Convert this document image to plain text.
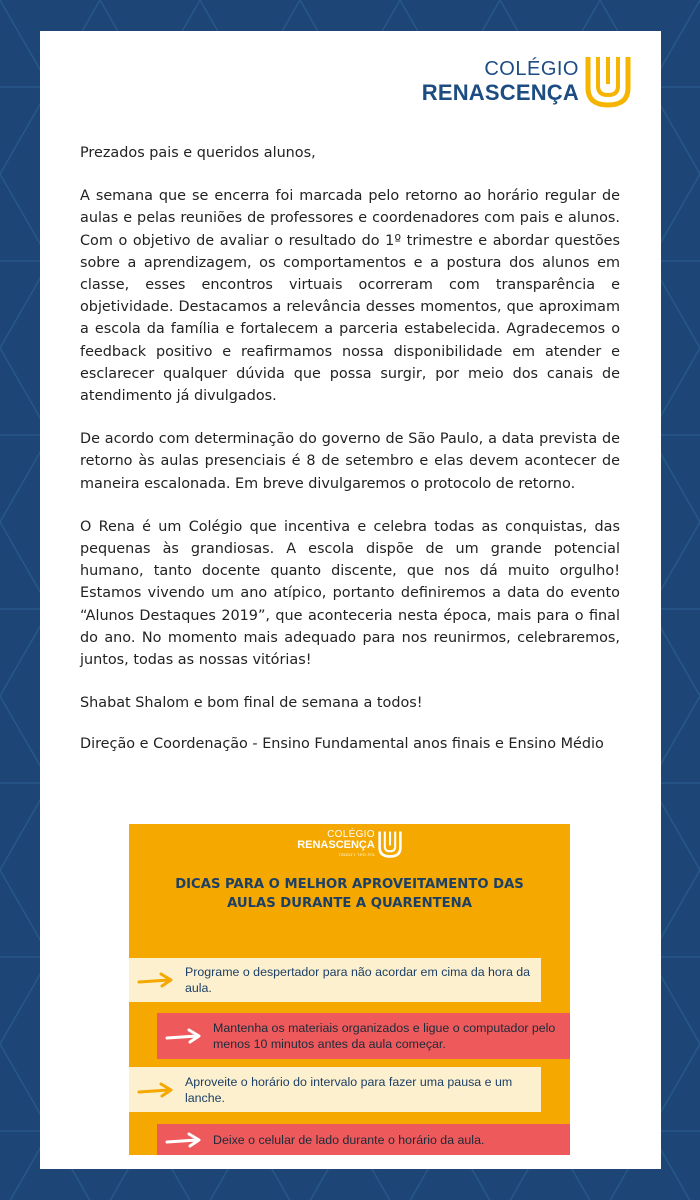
COLÉGIO
RENASCENÇA

Prezados pais e queridos alunos,

A semana que se encerra foi marcada pelo retorno ao horário regular de aulas e pelas reuniões de professores e coordenadores com pais e alunos. Com o objetivo de avaliar o resultado do 1º trimestre e abordar questões sobre a aprendizagem, os comportamentos e a postura dos alunos em classe, esses encontros virtuais ocorreram com transparência e objetividade. Destacamos a relevância desses momentos, que aproximam a escola da família e fortalecem a parceria estabelecida. Agradecemos o feedback positivo e reafirmamos nossa disponibilidade em atender e esclarecer qualquer dúvida que possa surgir, por meio dos canais de atendimento já divulgados.

De acordo com determinação do governo de São Paulo, a data prevista de retorno às aulas presenciais é 8 de setembro e elas devem acontecer de maneira escalonada. Em breve divulgaremos o protocolo de retorno.

O Rena é um Colégio que incentiva e celebra todas as conquistas, das pequenas às grandiosas. A escola dispõe de um grande potencial humano, tanto docente quanto discente, que nos dá muito orgulho! Estamos vivendo um ano atípico, portanto definiremos a data do evento “Alunos Destaques 2019”, que aconteceria nesta época, mais para o final do ano. No momento mais adequado para nos reunirmos, celebraremos, juntos, todas as nossas vitórias!

Shabat Shalom e bom final de semana a todos!

Direção e Coordenação - Ensino Fundamental anos finais e Ensino Médio

COLÉGIO
RENASCENÇA
בית ספר רנסנסה
DICAS PARA O MELHOR APROVEITAMENTO DAS
AULAS DURANTE A QUARENTENA
Programe o despertador para não acordar em cima da hora da aula.
Mantenha os materiais organizados e ligue o computador pelo menos 10 minutos antes da aula começar.
Aproveite o horário do intervalo para fazer uma pausa e um lanche.
Deixe o celular de lado durante o horário da aula.
